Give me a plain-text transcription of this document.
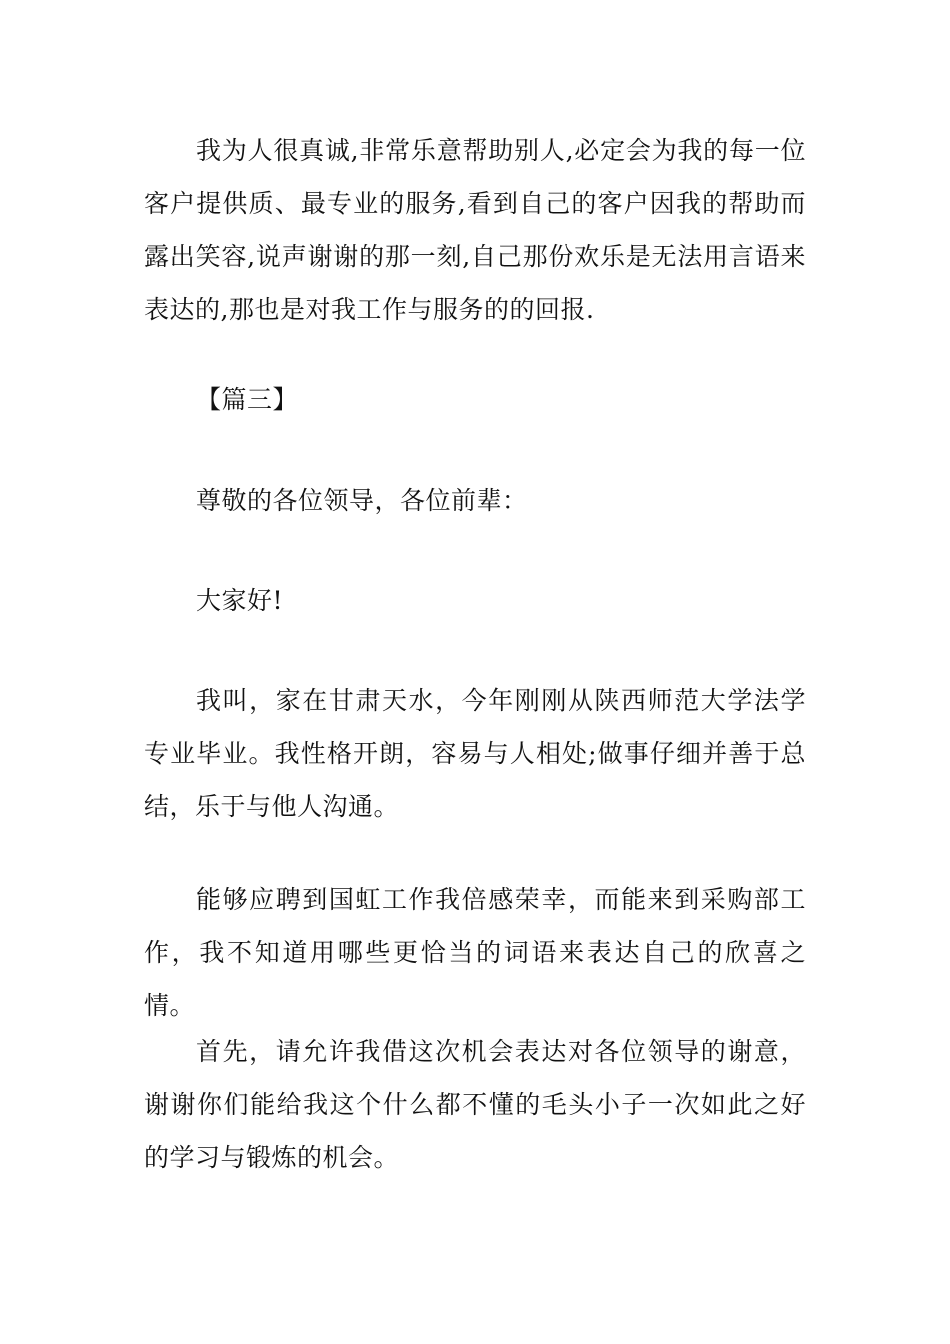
我为人很真诚,非常乐意帮助别人,必定会为我的每一位客户提供质、最专业的服务,看到自己的客户因我的帮助而露出笑容,说声谢谢的那一刻,自己那份欢乐是无法用言语来表达的,那也是对我工作与服务的的回报.

【篇三】

尊敬的各位领导，各位前辈：

大家好!

我叫，家在甘肃天水，今年刚刚从陕西师范大学法学专业毕业。我性格开朗，容易与人相处;做事仔细并善于总结，乐于与他人沟通。

能够应聘到国虹工作我倍感荣幸，而能来到采购部工作，我不知道用哪些更恰当的词语来表达自己的欣喜之情。

首先，请允许我借这次机会表达对各位领导的谢意，谢谢你们能给我这个什么都不懂的毛头小子一次如此之好的学习与锻炼的机会。
